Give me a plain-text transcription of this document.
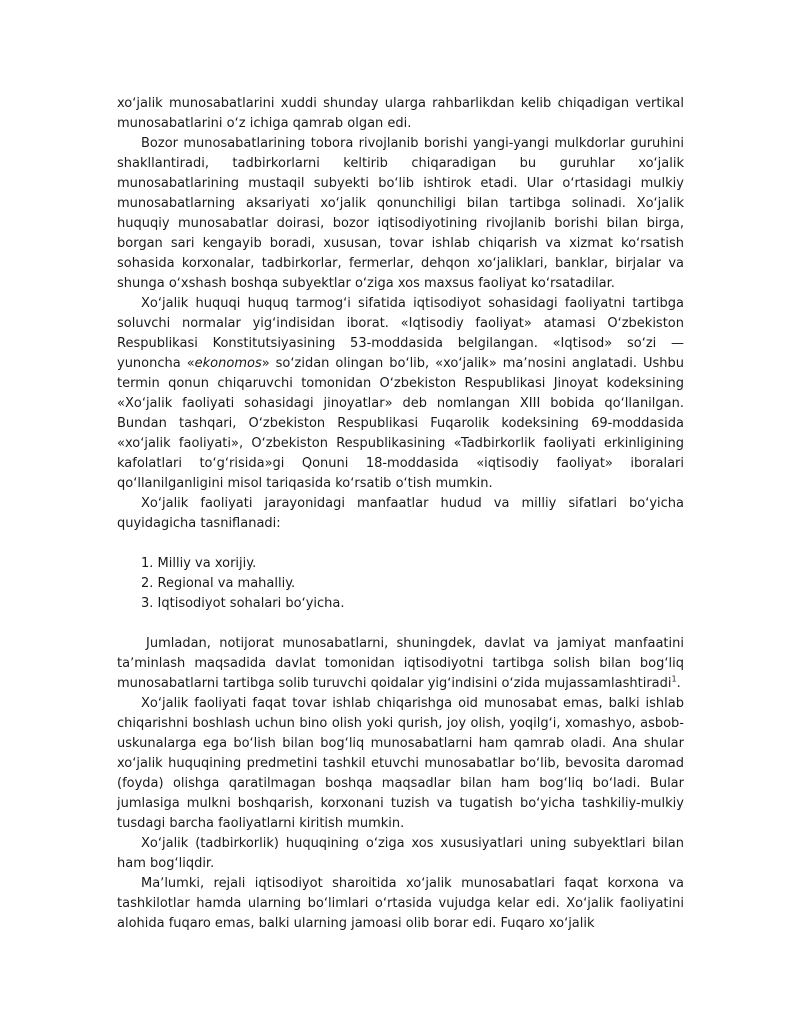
xoʻjalik munosabatlarini xuddi shunday ularga rahbarlikdan kelib chiqadigan vertikal munosabatlarini oʻz ichiga qamrab olgan edi.

Bozor munosabatlarining tobora rivojlanib borishi yangi-yangi mulkdorlar guruhini shakllantiradi, tadbirkorlarni keltirib chiqaradigan bu guruhlar xoʻjalik munosabatlarining mustaqil subyekti boʻlib ishtirok etadi. Ular oʻrtasidagi mulkiy munosabatlarning aksariyati xoʻjalik qonunchiligi bilan tartibga solinadi. Xoʻjalik huquqiy munosabatlar doirasi, bozor iqtisodiyotining rivojlanib borishi bilan birga, borgan sari kengayib boradi, xususan, tovar ishlab chiqarish va xizmat koʻrsatish sohasida korxonalar, tadbirkorlar, fermerlar, dehqon xoʻjaliklari, banklar, birjalar va shunga oʻxshash boshqa subyektlar oʻziga xos maxsus faoliyat koʻrsatadilar.

Xoʻjalik huquqi huquq tarmogʻi sifatida iqtisodiyot sohasidagi faoliyatni tartibga soluvchi normalar yigʻindisidan iborat. «Iqtisodiy faoliyat» atamasi Oʻzbekiston Respublikasi Konstitutsiyasining 53-moddasida belgilangan. «Iqtisod» soʻzi — yunoncha «ekonomos» soʻzidan olingan boʻlib, «xoʻjalik» maʼnosini anglatadi. Ushbu termin qonun chiqaruvchi tomonidan Oʻzbekiston Respublikasi Jinoyat kodeksining «Xoʻjalik faoliyati sohasidagi jinoyatlar» deb nomlangan XIII bobida qoʻllanilgan. Bundan tashqari, Oʻzbekiston Respublikasi Fuqarolik kodeksining 69-moddasida «xoʻjalik faoliyati», Oʻzbekiston Respublikasining «Tadbirkorlik faoliyati erkinligining kafolatlari toʻgʻrisida»gi Qonuni 18-moddasida «iqtisodiy faoliyat» iboralari qoʻllanilganligini misol tariqasida koʻrsatib oʻtish mumkin.

Xoʻjalik faoliyati jarayonidagi manfaatlar hudud va milliy sifatlari boʻyicha quyidagicha tasniflanadi:

1. Milliy va xorijiy.
2. Regional va mahalliy.
3. Iqtisodiyot sohalari boʻyicha.

Jumladan, notijorat munosabatlarni, shuningdek, davlat va jamiyat manfaatini taʼminlash maqsadida davlat tomonidan iqtisodiyotni tartibga solish bilan bogʻliq munosabatlarni tartibga solib turuvchi qoidalar yigʻindisini oʻzida mujassamlashtiradi$^1$.

Xoʻjalik faoliyati faqat tovar ishlab chiqarishga oid munosabat emas, balki ishlab chiqarishni boshlash uchun bino olish yoki qurish, joy olish, yoqilgʻi, xomashyo, asbob-uskunalarga ega boʻlish bilan bogʻliq munosabatlarni ham qamrab oladi. Ana shular xoʻjalik huquqining predmetini tashkil etuvchi munosabatlar boʻlib, bevosita daromad (foyda) olishga qaratilmagan boshqa maqsadlar bilan ham bogʻliq boʻladi. Bular jumlasiga mulkni boshqarish, korxonani tuzish va tugatish boʻyicha tashkiliy-mulkiy tusdagi barcha faoliyatlarni kiritish mumkin.

Xoʻjalik (tadbirkorlik) huquqining oʻziga xos xususiyatlari uning subyektlari bilan ham bogʻliqdir.

Maʼlumki, rejali iqtisodiyot sharoitida xoʻjalik munosabatlari faqat korxona va tashkilotlar hamda ularning boʻlimlari oʻrtasida vujudga kelar edi. Xoʻjalik faoliyatini alohida fuqaro emas, balki ularning jamoasi olib borar edi. Fuqaro xoʻjalik
